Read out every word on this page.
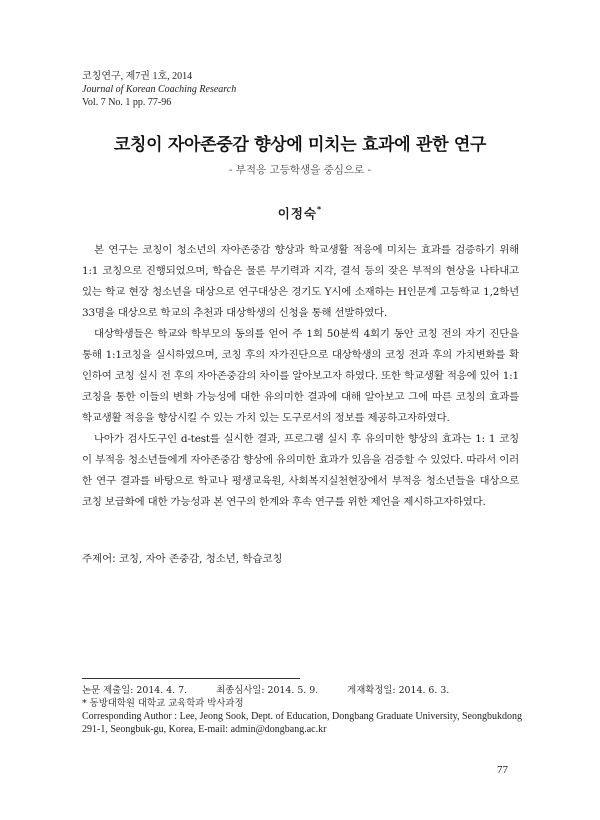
코칭연구, 제7권 1호, 2014
Journal of Korean Coaching Research
Vol. 7 No. 1 pp. 77-96
코칭이 자아존중감 향상에 미치는 효과에 관한 연구
- 부적응 고등학생을 중심으로 -
이정숙*

본 연구는 코칭이 청소년의 자아존중감 향상과 학교생활 적응에 미치는 효과를 검증하기 위해 1:1 코칭으로 진행되었으며, 학습은 물론 무기력과 지각, 결석 등의 잦은 부적의 현상을 나타내고 있는 학교 현장 청소년을 대상으로 연구대상은 경기도 Y시에 소재하는 H인문계 고등학교 1,2학년 33명을 대상으로 학교의 추천과 대상학생의 신청을 통해 선발하였다.

대상학생들은 학교와 학부모의 동의를 얻어 주 1회 50분씩 4회기 동안 코칭 전의 자기 진단을 통해 1:1코칭을 실시하였으며, 코칭 후의 자가진단으로 대상학생의 코칭 전과 후의 가치변화를 확인하여 코칭 실시 전 후의 자아존중감의 차이를 알아보고자 하였다. 또한 학교생활 적응에 있어 1:1코칭을 통한 이들의 변화 가능성에 대한 유의미한 결과에 대해 알아보고 그에 따른 코칭의 효과를 학교생활 적응을 향상시킬 수 있는 가치 있는 도구로서의 정보를 제공하고자하였다.

나아가 검사도구인 d-test를 실시한 결과, 프로그램 실시 후 유의미한 향상의 효과는 1: 1 코칭이 부적응 청소년들에게 자아존중감 향상에 유의미한 효과가 있음을 검증할 수 있었다. 따라서 이러한 연구 결과를 바탕으로 학교나 평생교육원, 사회복지실천현장에서 부적응 청소년들을 대상으로 코칭 보급화에 대한 가능성과 본 연구의 한계와 후속 연구를 위한 제언을 제시하고자하였다.

주제어: 코칭, 자아 존중감, 청소년, 학습코칭
논문 제출일: 2014. 4. 7.	최종심사일: 2014. 5. 9.	게재확정일: 2014. 6. 3.
* 동방대학원 대학교 교육학과 박사과정
Corresponding Author : Lee, Jeong Sook, Dept. of Education, Dongbang Graduate University, Seongbukdong 291-1, Seongbuk-gu, Korea, E-mail: admin@dongbang.ac.kr
77
